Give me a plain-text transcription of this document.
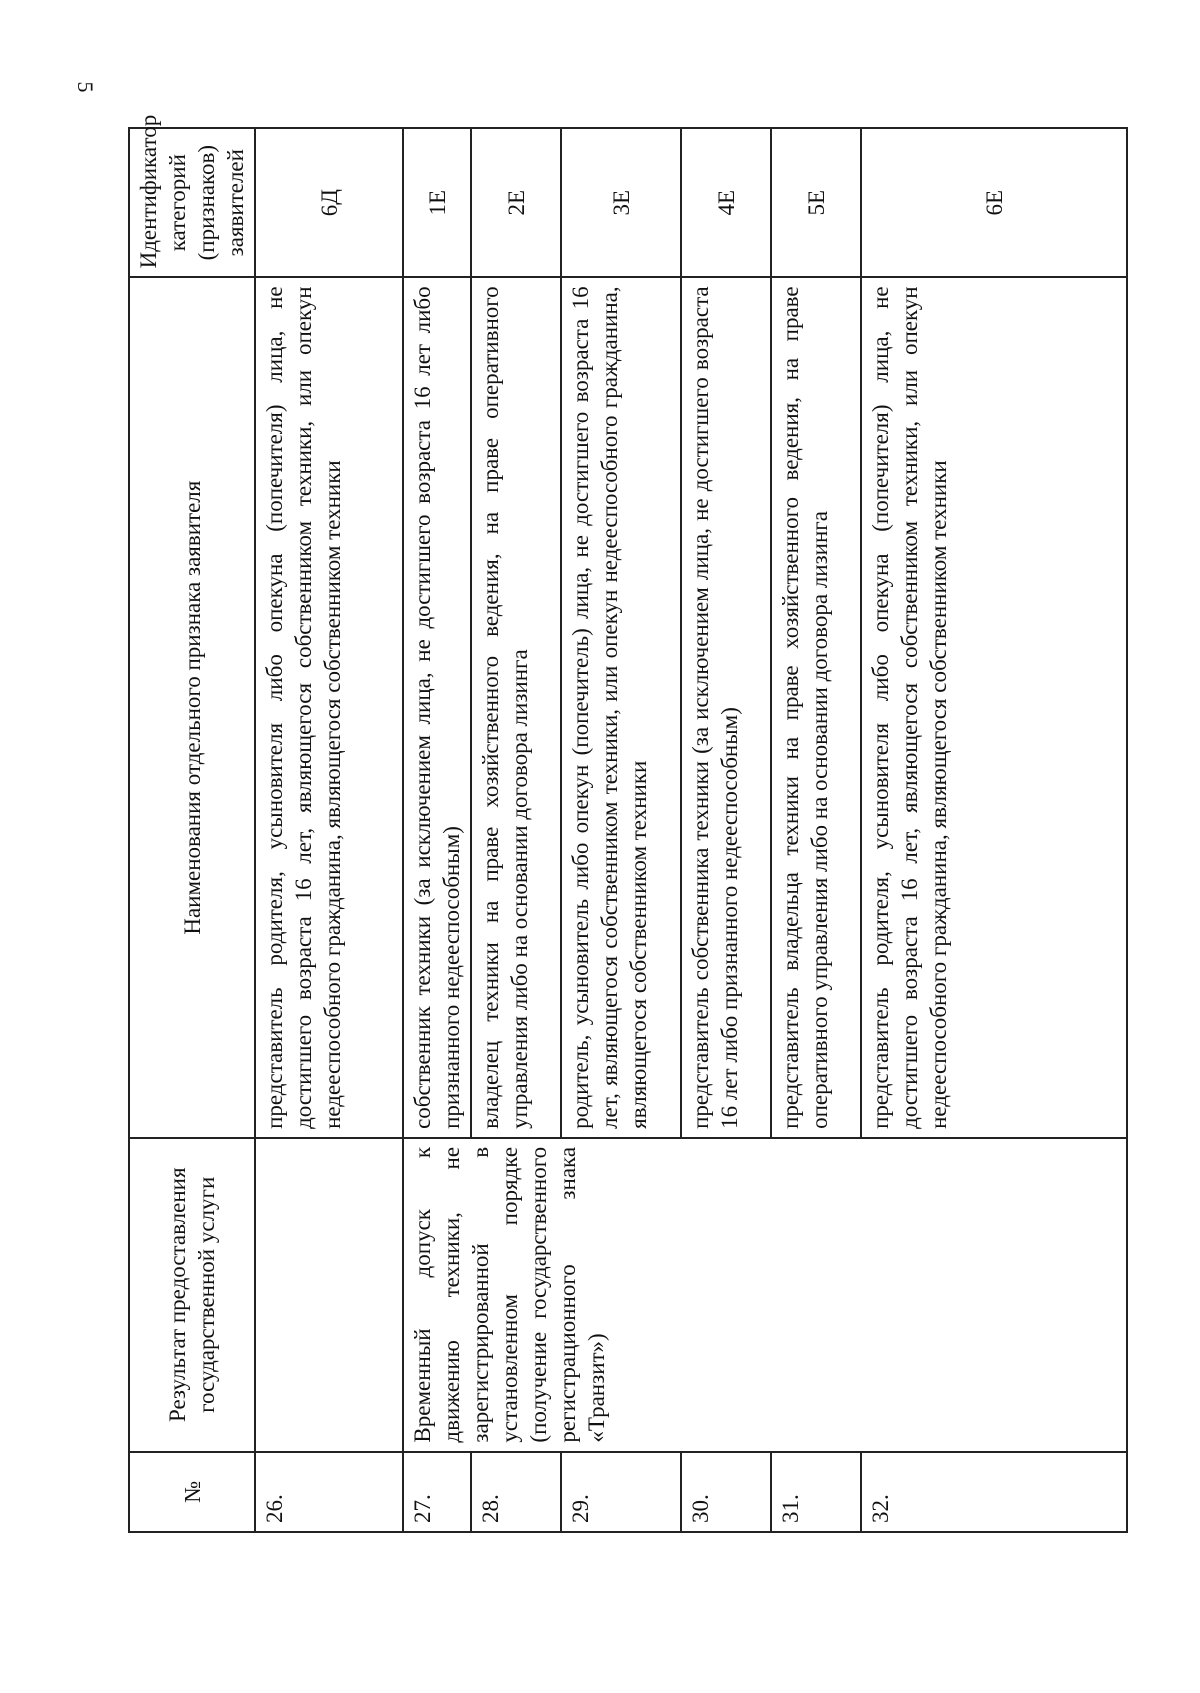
5
№	Результат предоставления государственной услуги	Наименования отдельного признака заявителя	Идентификатор категорий (признаков) заявителей
26.		представитель родителя, усыновителя либо опекуна (попечителя) лица, не достигшего возраста 16 лет, являющегося собственником техники, или опекун недееспособного гражданина, являющегося собственником техники	6Д
27.	Временный допуск к движению техники, не зарегистрированной в установленном порядке (получение государственного регистрационного знака «Транзит»)	собственник техники (за исключением лица, не достигшего возраста 16 лет либо признанного недееспособным)	1Е
28.		владелец техники на праве хозяйственного ведения, на праве оперативного управления либо на основании договора лизинга	2Е
29.		родитель, усыновитель либо опекун (попечитель) лица, не достигшего возраста 16 лет, являющегося собственником техники, или опекун недееспособного гражданина, являющегося собственником техники	3Е
30.		представитель собственника техники (за исключением лица, не достигшего возраста 16 лет либо признанного недееспособным)	4Е
31.		представитель владельца техники на праве хозяйственного ведения, на праве оперативного управления либо на основании договора лизинга	5Е
32.		представитель родителя, усыновителя либо опекуна (попечителя) лица, не достигшего возраста 16 лет, являющегося собственником техники, или опекун недееспособного гражданина, являющегося собственником техники	6Е
